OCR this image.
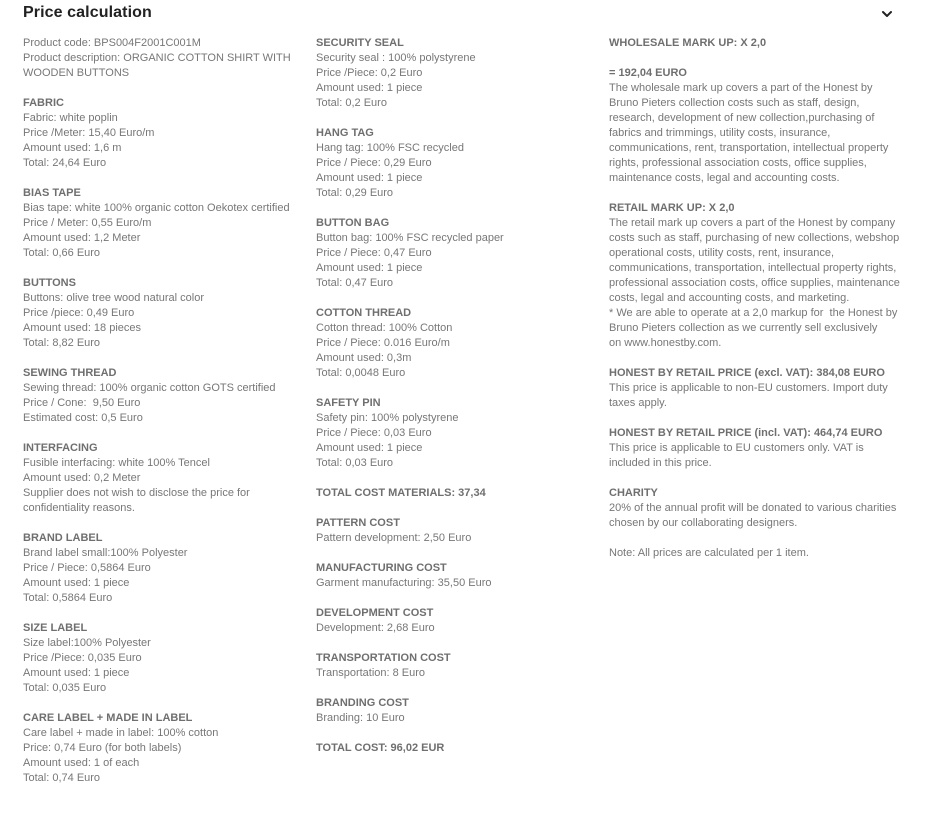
Price calculation
Product code: BPS004F2001C001M
Product description: ORGANIC COTTON SHIRT WITH
WOODEN BUTTONS
FABRIC
Fabric: white poplin
Price /Meter: 15,40 Euro/m
Amount used: 1,6 m
Total: 24,64 Euro
BIAS TAPE
Bias tape: white 100% organic cotton Oekotex certified
Price / Meter: 0,55 Euro/m
Amount used: 1,2 Meter
Total: 0,66 Euro
BUTTONS
Buttons: olive tree wood natural color
Price /piece: 0,49 Euro
Amount used: 18 pieces
Total: 8,82 Euro
SEWING THREAD
Sewing thread: 100% organic cotton GOTS certified
Price / Cone:  9,50 Euro
Estimated cost: 0,5 Euro
INTERFACING
Fusible interfacing: white 100% Tencel
Amount used: 0,2 Meter
Supplier does not wish to disclose the price for
confidentiality reasons.
BRAND LABEL
Brand label small:100% Polyester
Price / Piece: 0,5864 Euro
Amount used: 1 piece
Total: 0,5864 Euro
SIZE LABEL
Size label:100% Polyester
Price /Piece: 0,035 Euro
Amount used: 1 piece
Total: 0,035 Euro
CARE LABEL + MADE IN LABEL
Care label + made in label: 100% cotton
Price: 0,74 Euro (for both labels)
Amount used: 1 of each
Total: 0,74 Euro
SECURITY SEAL
Security seal : 100% polystyrene
Price /Piece: 0,2 Euro
Amount used: 1 piece
Total: 0,2 Euro
HANG TAG
Hang tag: 100% FSC recycled
Price / Piece: 0,29 Euro
Amount used: 1 piece
Total: 0,29 Euro
BUTTON BAG
Button bag: 100% FSC recycled paper
Price / Piece: 0,47 Euro
Amount used: 1 piece
Total: 0,47 Euro
COTTON THREAD
Cotton thread: 100% Cotton
Price / Piece: 0.016 Euro/m
Amount used: 0,3m
Total: 0,0048 Euro
SAFETY PIN
Safety pin: 100% polystyrene
Price / Piece: 0,03 Euro
Amount used: 1 piece
Total: 0,03 Euro
TOTAL COST MATERIALS: 37,34
PATTERN COST
Pattern development: 2,50 Euro
MANUFACTURING COST
Garment manufacturing: 35,50 Euro
DEVELOPMENT COST
Development: 2,68 Euro
TRANSPORTATION COST
Transportation: 8 Euro
BRANDING COST
Branding: 10 Euro
TOTAL COST: 96,02 EUR
WHOLESALE MARK UP: X 2,0
= 192,04 EURO
The wholesale mark up covers a part of the Honest by
Bruno Pieters collection costs such as staff, design,
research, development of new collection,purchasing of
fabrics and trimmings, utility costs, insurance,
communications, rent, transportation, intellectual property
rights, professional association costs, office supplies,
maintenance costs, legal and accounting costs.
RETAIL MARK UP: X 2,0
The retail mark up covers a part of the Honest by company
costs such as staff, purchasing of new collections, webshop
operational costs, utility costs, rent, insurance,
communications, transportation, intellectual property rights,
professional association costs, office supplies, maintenance
costs, legal and accounting costs, and marketing.
* We are able to operate at a 2,0 markup for  the Honest by
Bruno Pieters collection as we currently sell exclusively
on www.honestby.com.
HONEST BY RETAIL PRICE (excl. VAT): 384,08 EURO
This price is applicable to non-EU customers. Import duty
taxes apply.
HONEST BY RETAIL PRICE (incl. VAT): 464,74 EURO
This price is applicable to EU customers only. VAT is
included in this price.
CHARITY
20% of the annual profit will be donated to various charities
chosen by our collaborating designers.
Note: All prices are calculated per 1 item.
